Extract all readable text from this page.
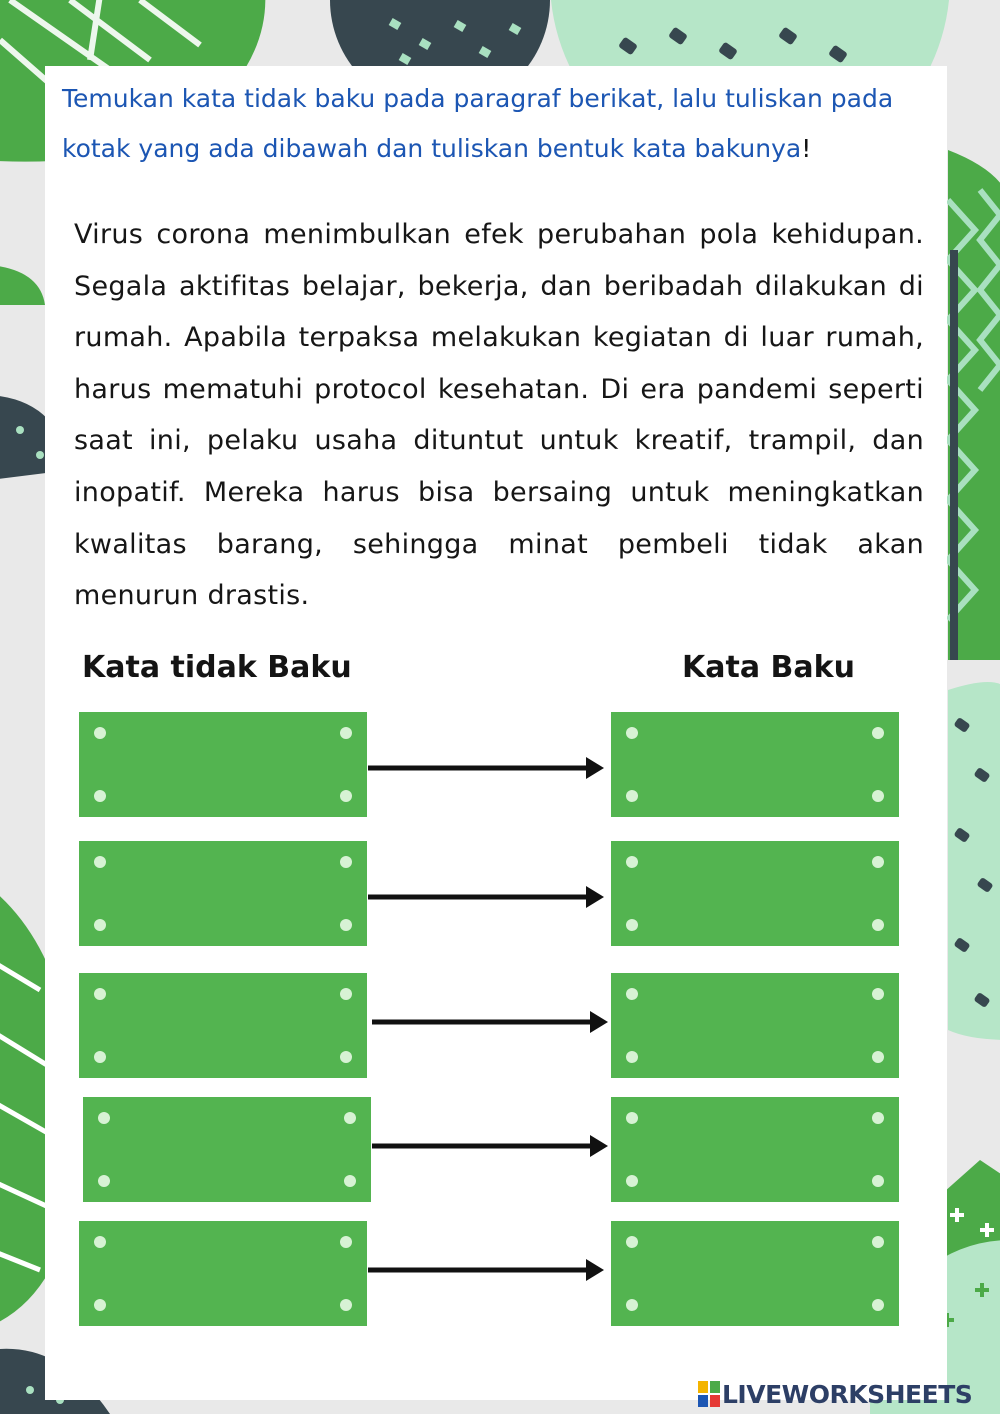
Temukan kata tidak baku pada paragraf berikat, lalu tuliskan pada kotak yang ada dibawah dan tuliskan bentuk kata bakunya!
Virus corona menimbulkan efek perubahan pola kehidupan. Segala aktifitas belajar, bekerja, dan beribadah dilakukan di rumah. Apabila terpaksa melakukan kegiatan di luar rumah, harus mematuhi protocol kesehatan. Di era pandemi seperti saat ini, pelaku usaha dituntut untuk kreatif, trampil, dan inopatif. Mereka harus bisa bersaing untuk meningkatkan kwalitas barang, sehingga minat pembeli tidak akan menurun drastis.
Kata tidak Baku	Kata Baku
LIVEWORKSHEETS
